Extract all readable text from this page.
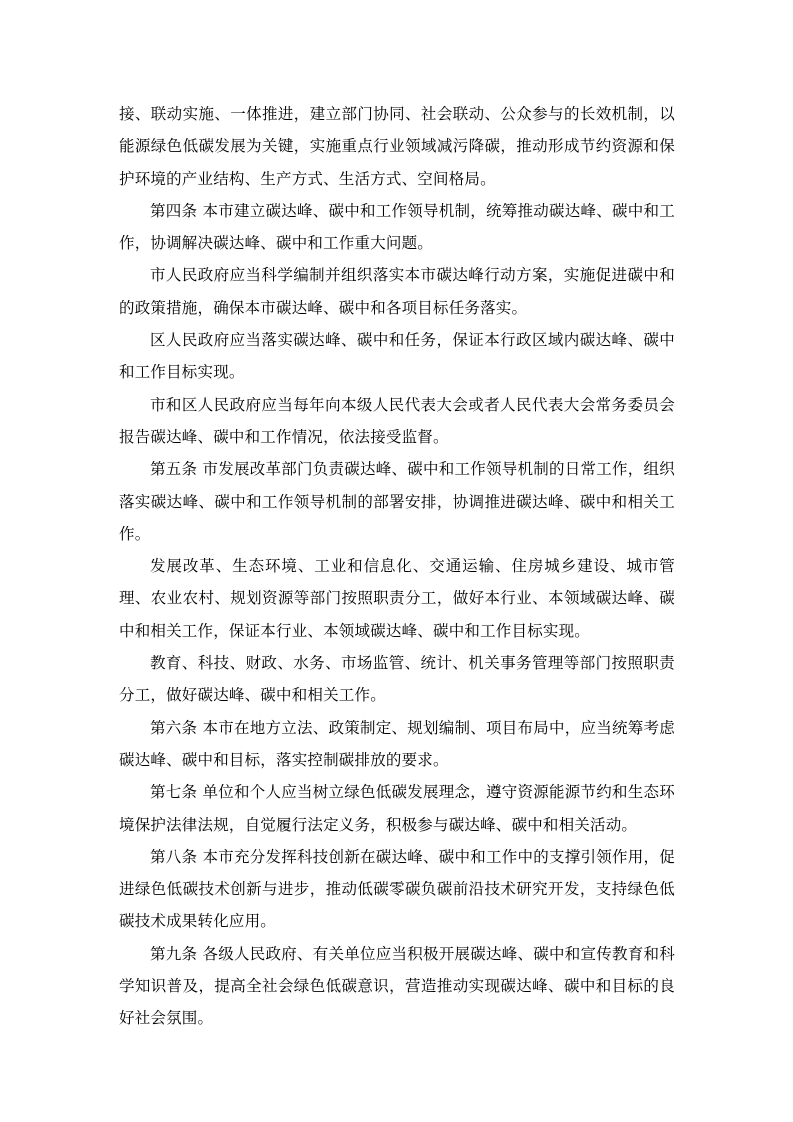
接、联动实施、一体推进，建立部门协同、社会联动、公众参与的长效机制，以能源绿色低碳发展为关键，实施重点行业领域减污降碳，推动形成节约资源和保护环境的产业结构、生产方式、生活方式、空间格局。

第四条 本市建立碳达峰、碳中和工作领导机制，统筹推动碳达峰、碳中和工作，协调解决碳达峰、碳中和工作重大问题。

市人民政府应当科学编制并组织落实本市碳达峰行动方案，实施促进碳中和的政策措施，确保本市碳达峰、碳中和各项目标任务落实。

区人民政府应当落实碳达峰、碳中和任务，保证本行政区域内碳达峰、碳中和工作目标实现。

市和区人民政府应当每年向本级人民代表大会或者人民代表大会常务委员会报告碳达峰、碳中和工作情况，依法接受监督。

第五条 市发展改革部门负责碳达峰、碳中和工作领导机制的日常工作，组织落实碳达峰、碳中和工作领导机制的部署安排，协调推进碳达峰、碳中和相关工作。

发展改革、生态环境、工业和信息化、交通运输、住房城乡建设、城市管理、农业农村、规划资源等部门按照职责分工，做好本行业、本领域碳达峰、碳中和相关工作，保证本行业、本领域碳达峰、碳中和工作目标实现。

教育、科技、财政、水务、市场监管、统计、机关事务管理等部门按照职责分工，做好碳达峰、碳中和相关工作。

第六条 本市在地方立法、政策制定、规划编制、项目布局中，应当统筹考虑碳达峰、碳中和目标，落实控制碳排放的要求。

第七条 单位和个人应当树立绿色低碳发展理念，遵守资源能源节约和生态环境保护法律法规，自觉履行法定义务，积极参与碳达峰、碳中和相关活动。

第八条 本市充分发挥科技创新在碳达峰、碳中和工作中的支撑引领作用，促进绿色低碳技术创新与进步，推动低碳零碳负碳前沿技术研究开发，支持绿色低碳技术成果转化应用。

第九条 各级人民政府、有关单位应当积极开展碳达峰、碳中和宣传教育和科学知识普及，提高全社会绿色低碳意识，营造推动实现碳达峰、碳中和目标的良好社会氛围。
